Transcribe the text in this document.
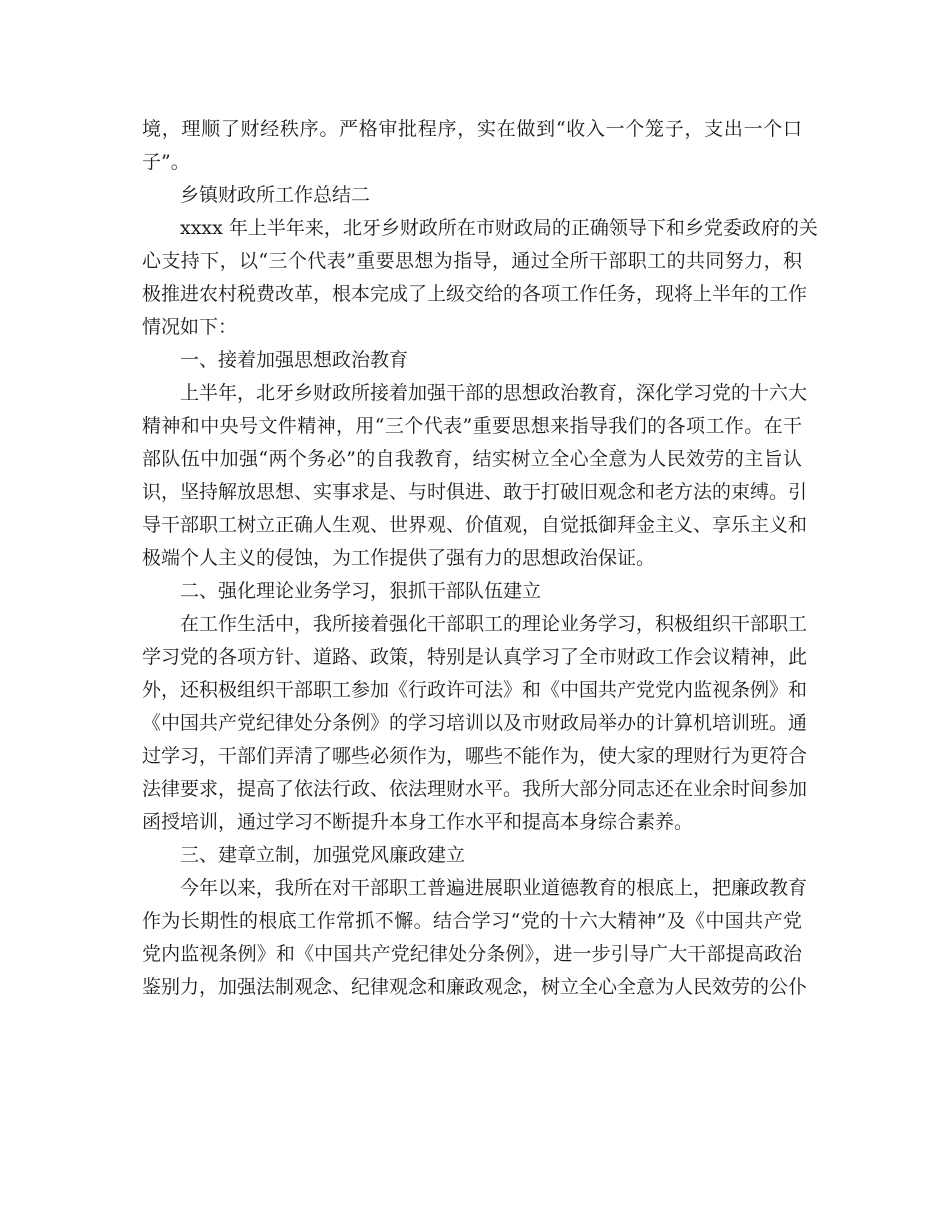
境，理顺了财经秩序。严格审批程序，实在做到“收入一个笼子，支出一个口
子”。
乡镇财政所工作总结二
xxxx 年上半年来，北牙乡财政所在市财政局的正确领导下和乡党委政府的关
心支持下，以“三个代表”重要思想为指导，通过全所干部职工的共同努力，积
极推进农村税费改革，根本完成了上级交给的各项工作任务，现将上半年的工作
情况如下：
一、接着加强思想政治教育
上半年，北牙乡财政所接着加强干部的思想政治教育，深化学习党的十六大
精神和中央号文件精神，用“三个代表”重要思想来指导我们的各项工作。在干
部队伍中加强“两个务必”的自我教育，结实树立全心全意为人民效劳的主旨认
识，坚持解放思想、实事求是、与时俱进、敢于打破旧观念和老方法的束缚。引
导干部职工树立正确人生观、世界观、价值观，自觉抵御拜金主义、享乐主义和
极端个人主义的侵蚀，为工作提供了强有力的思想政治保证。
二、强化理论业务学习，狠抓干部队伍建立
在工作生活中，我所接着强化干部职工的理论业务学习，积极组织干部职工
学习党的各项方针、道路、政策，特别是认真学习了全市财政工作会议精神，此
外，还积极组织干部职工参加《行政许可法》和《中国共产党党内监视条例》和
《中国共产党纪律处分条例》的学习培训以及市财政局举办的计算机培训班。通
过学习，干部们弄清了哪些必须作为，哪些不能作为，使大家的理财行为更符合
法律要求，提高了依法行政、依法理财水平。我所大部分同志还在业余时间参加
函授培训，通过学习不断提升本身工作水平和提高本身综合素养。
三、建章立制，加强党风廉政建立
今年以来，我所在对干部职工普遍进展职业道德教育的根底上，把廉政教育
作为长期性的根底工作常抓不懈。结合学习“党的十六大精神”及《中国共产党
党内监视条例》和《中国共产党纪律处分条例》，进一步引导广大干部提高政治
鉴别力，加强法制观念、纪律观念和廉政观念，树立全心全意为人民效劳的公仆
